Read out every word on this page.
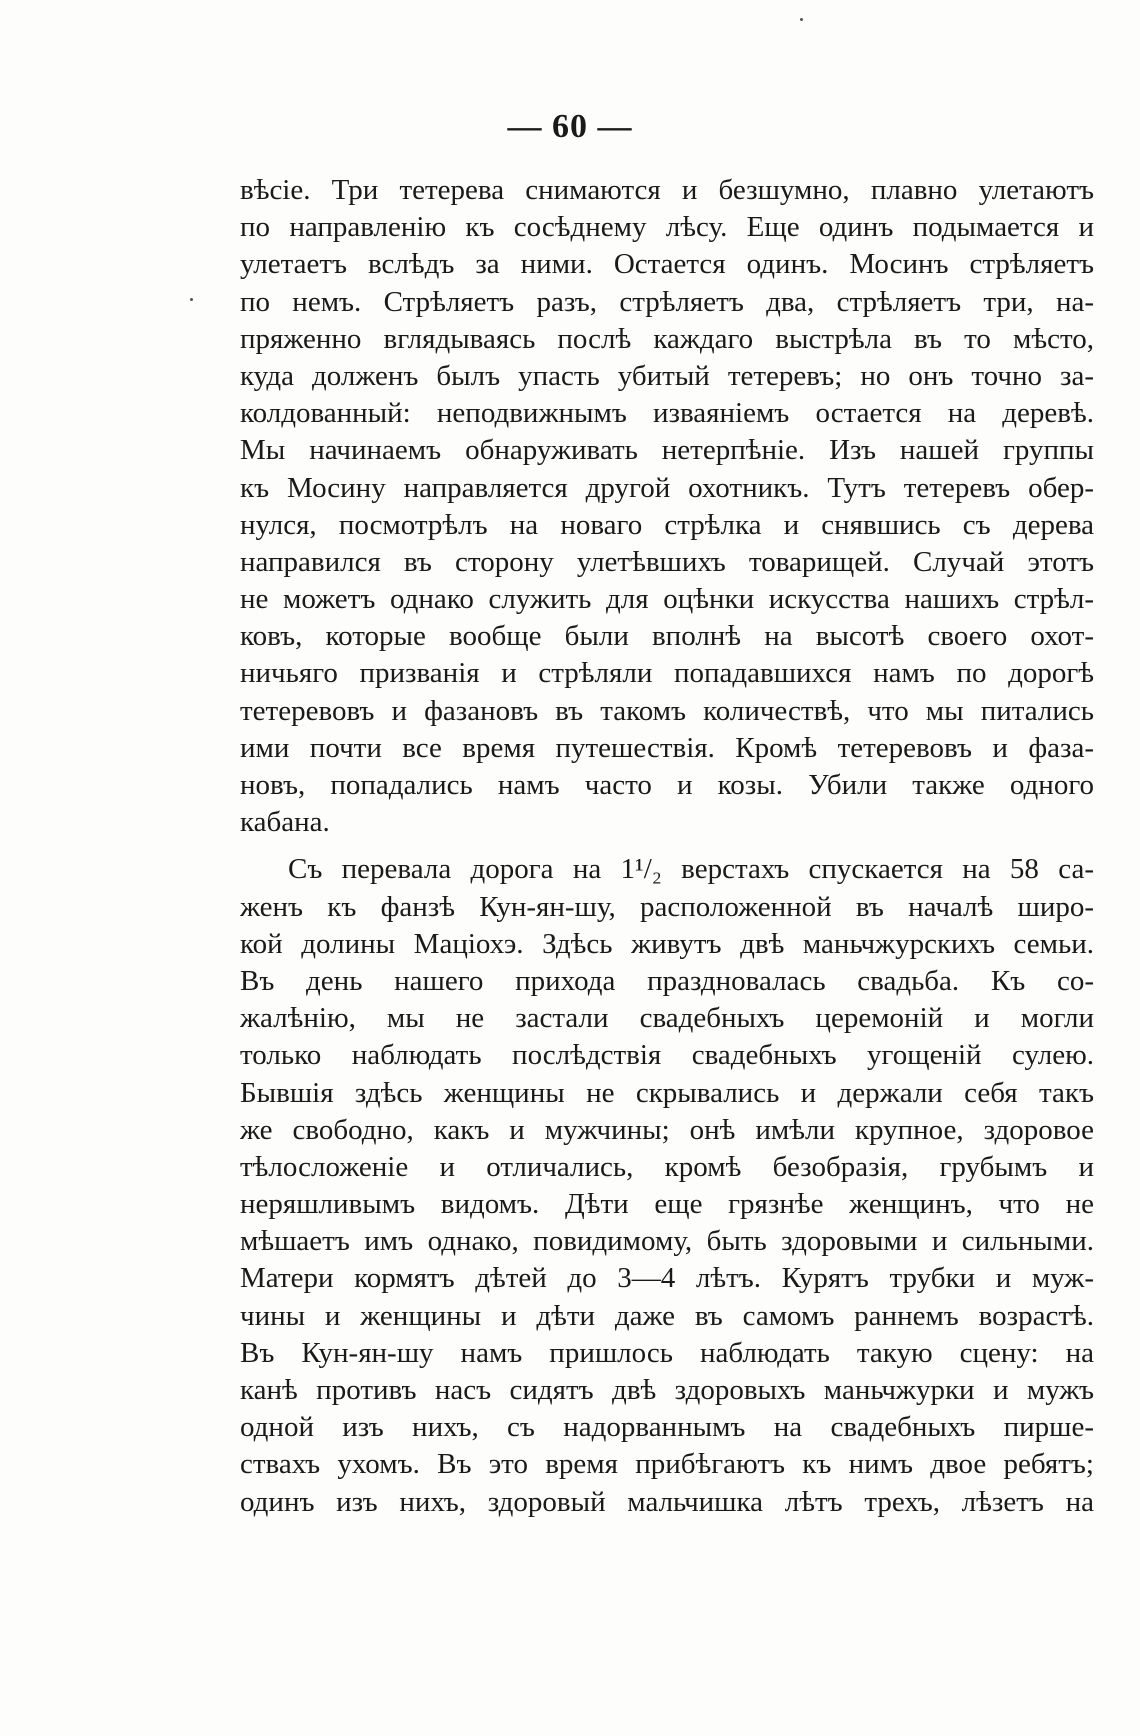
— 60 —
вѣсіе. Три тетерева снимаются и безшумно, плавно улетаютъ
по направленію къ сосѣднему лѣсу. Еще одинъ подымается и
улетаетъ вслѣдъ за ними. Остается одинъ. Мосинъ стрѣляетъ
по немъ. Стрѣляетъ разъ, стрѣляетъ два, стрѣляетъ три, на-
пряженно вглядываясь послѣ каждаго выстрѣла въ то мѣсто,
куда долженъ былъ упасть убитый тетеревъ; но онъ точно за-
колдованный: неподвижнымъ изваяніемъ остается на деревѣ.
Мы начинаемъ обнаруживать нетерпѣніе. Изъ нашей группы
къ Мосину направляется другой охотникъ. Тутъ тетеревъ обер-
нулся, посмотрѣлъ на новаго стрѣлка и снявшись съ дерева
направился въ сторону улетѣвшихъ товарищей. Случай этотъ
не можетъ однако служить для оцѣнки искусства нашихъ стрѣл-
ковъ, которые вообще были вполнѣ на высотѣ своего охот-
ничьяго призванія и стрѣляли попадавшихся намъ по дорогѣ
тетеревовъ и фазановъ въ такомъ количествѣ, что мы питались
ими почти все время путешествія. Кромѣ тетеревовъ и фаза-
новъ, попадались намъ часто и козы. Убили также одного
кабана.
Съ перевала дорога на 1¹/₂ верстахъ спускается на 58 са-
женъ къ фанзѣ Кун-ян-шу, расположенной въ началѣ широ-
кой долины Маціохэ. Здѣсь живутъ двѣ маньчжурскихъ семьи.
Въ день нашего прихода праздновалась свадьба. Къ со-
жалѣнію, мы не застали свадебныхъ церемоній и могли
только наблюдать послѣдствія свадебныхъ угощеній сулею.
Бывшія здѣсь женщины не скрывались и держали себя такъ
же свободно, какъ и мужчины; онѣ имѣли крупное, здоровое
тѣлосложеніе и отличались, кромѣ безобразія, грубымъ и
неряшливымъ видомъ. Дѣти еще грязнѣе женщинъ, что не
мѣшаетъ имъ однако, повидимому, быть здоровыми и сильными.
Матери кормятъ дѣтей до 3—4 лѣтъ. Курятъ трубки и муж-
чины и женщины и дѣти даже въ самомъ раннемъ возрастѣ.
Въ Кун-ян-шу намъ пришлось наблюдать такую сцену: на
канѣ противъ насъ сидятъ двѣ здоровыхъ маньчжурки и мужъ
одной изъ нихъ, съ надорваннымъ на свадебныхъ пирше-
ствахъ ухомъ. Въ это время прибѣгаютъ къ нимъ двое ребятъ;
одинъ изъ нихъ, здоровый мальчишка лѣтъ трехъ, лѣзетъ на
